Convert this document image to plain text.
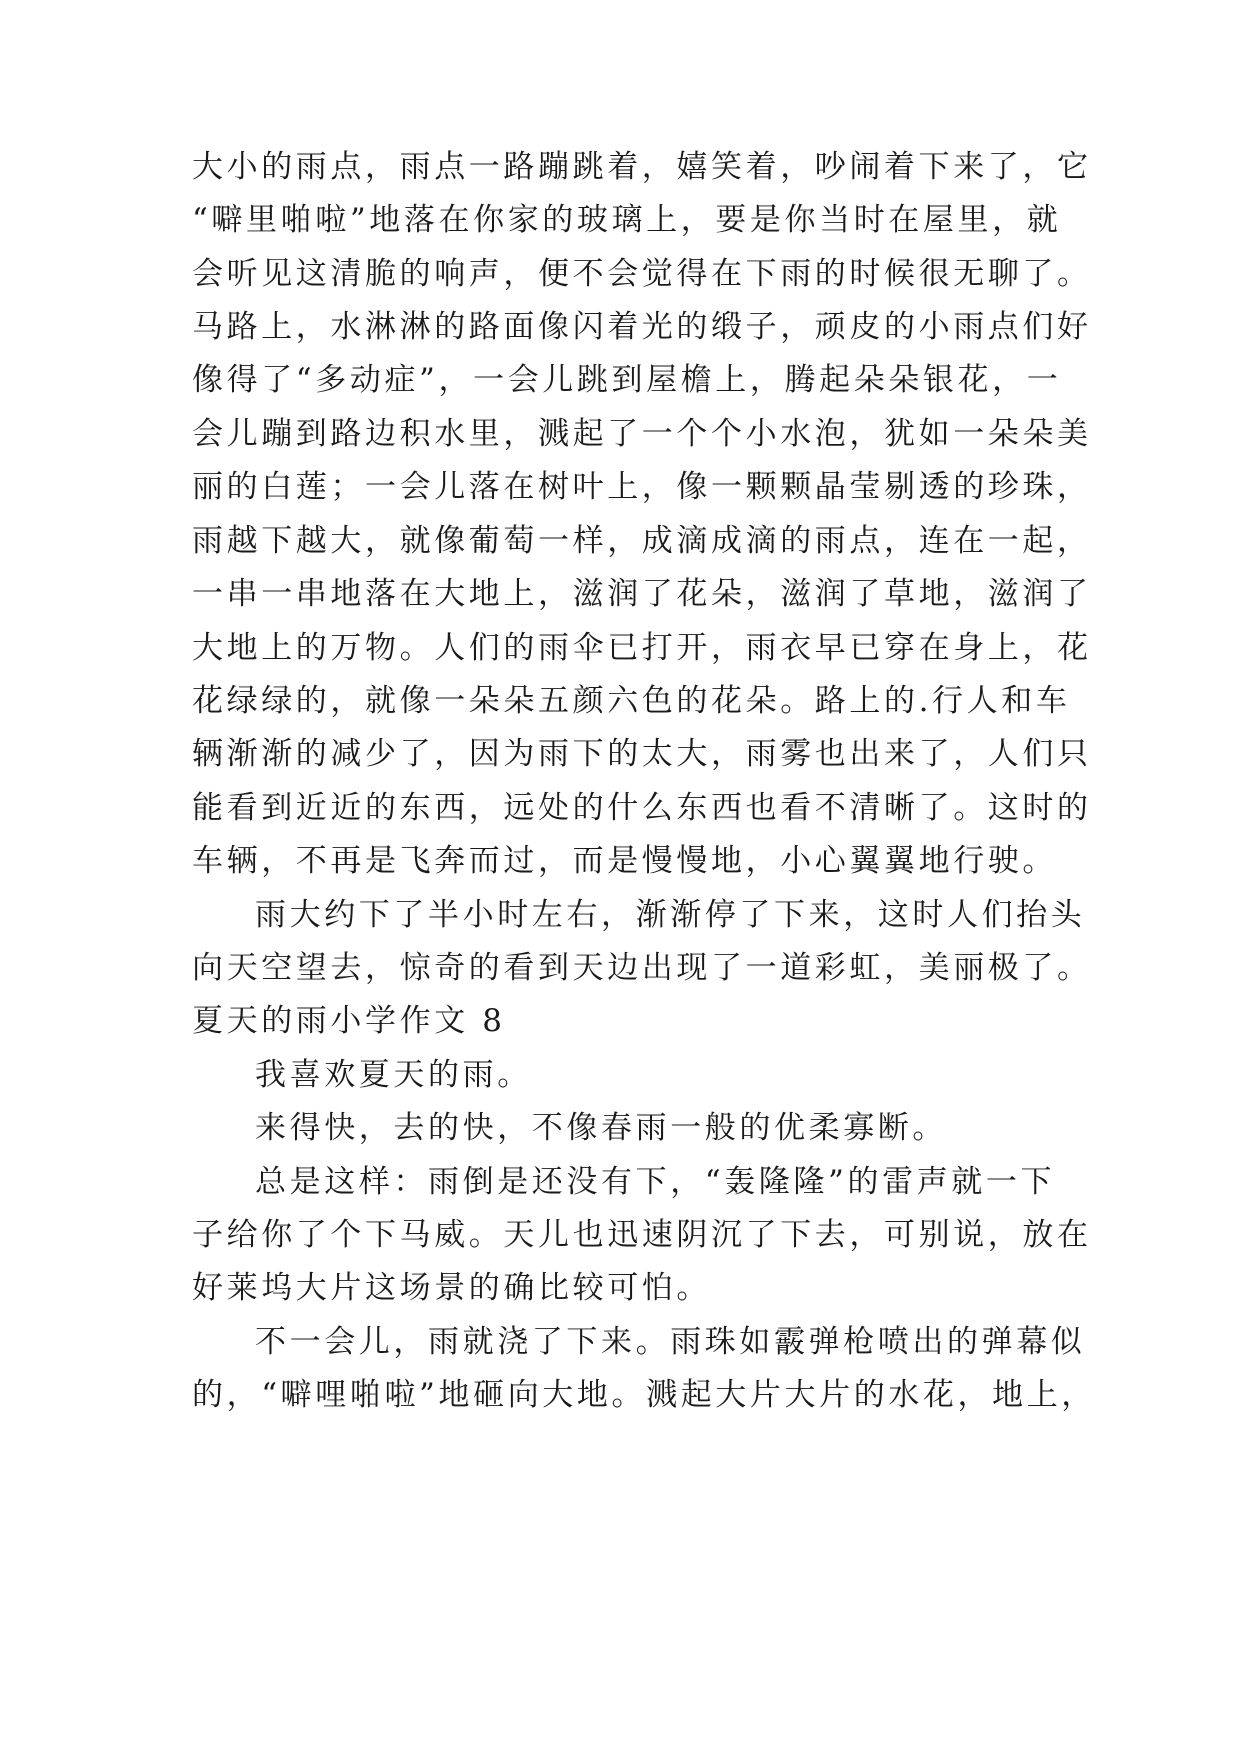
大小的雨点，雨点一路蹦跳着，嬉笑着，吵闹着下来了，它
“噼里啪啦”地落在你家的玻璃上，要是你当时在屋里，就
会听见这清脆的响声，便不会觉得在下雨的时候很无聊了。
马路上，水淋淋的路面像闪着光的缎子，顽皮的小雨点们好
像得了“多动症”，一会儿跳到屋檐上，腾起朵朵银花，一
会儿蹦到路边积水里，溅起了一个个小水泡，犹如一朵朵美
丽的白莲；一会儿落在树叶上，像一颗颗晶莹剔透的珍珠，
雨越下越大，就像葡萄一样，成滴成滴的雨点，连在一起，
一串一串地落在大地上，滋润了花朵，滋润了草地，滋润了
大地上的万物。人们的雨伞已打开，雨衣早已穿在身上，花
花绿绿的，就像一朵朵五颜六色的花朵。路上的.行人和车
辆渐渐的减少了，因为雨下的太大，雨雾也出来了，人们只
能看到近近的东西，远处的什么东西也看不清晰了。这时的
车辆，不再是飞奔而过，而是慢慢地，小心翼翼地行驶。
雨大约下了半小时左右，渐渐停了下来，这时人们抬头
向天空望去，惊奇的看到天边出现了一道彩虹，美丽极了。
夏天的雨小学作文 8
我喜欢夏天的雨。
来得快，去的快，不像春雨一般的优柔寡断。
总是这样：雨倒是还没有下，“轰隆隆”的雷声就一下
子给你了个下马威。天儿也迅速阴沉了下去，可别说，放在
好莱坞大片这场景的确比较可怕。
不一会儿，雨就浇了下来。雨珠如霰弹枪喷出的弹幕似
的，“噼哩啪啦”地砸向大地。溅起大片大片的水花，地上，
